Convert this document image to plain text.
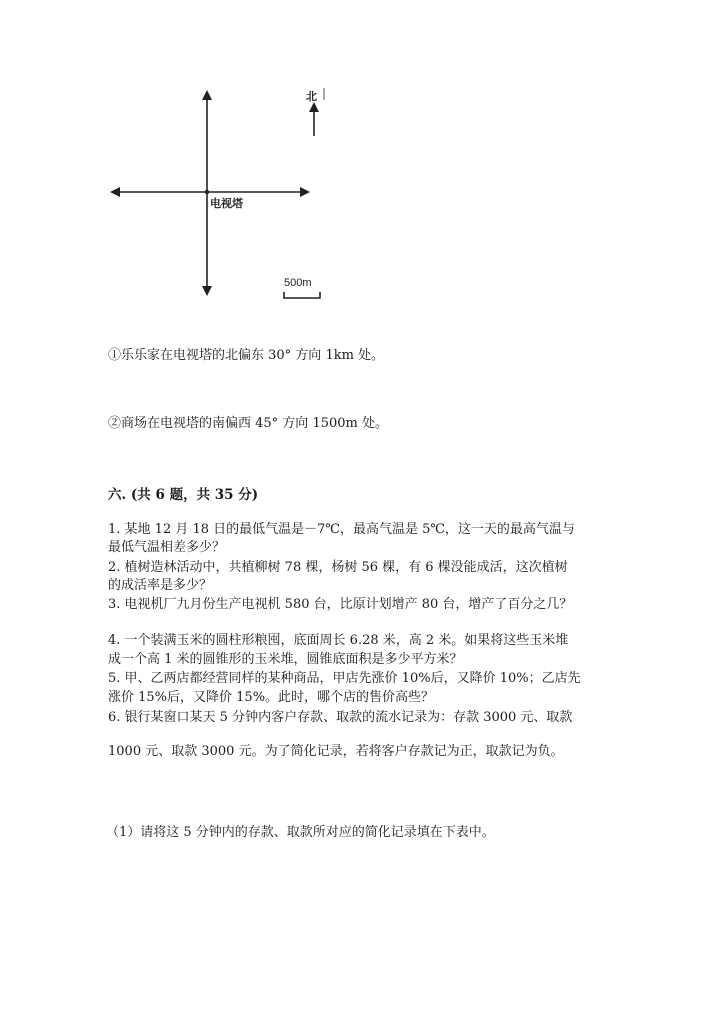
北
电视塔
500m
①乐乐家在电视塔的北偏东 30° 方向 1km 处。
②商场在电视塔的南偏西 45° 方向 1500m 处。
六. (共 6 题，共 35 分)
1. 某地 12 月 18 日的最低气温是－7℃，最高气温是 5℃，这一天的最高气温与
最低气温相差多少？
2. 植树造林活动中，共植柳树 78 棵，杨树 56 棵，有 6 棵没能成活，这次植树
的成活率是多少？
3. 电视机厂九月份生产电视机 580 台，比原计划增产 80 台，增产了百分之几？
4. 一个装满玉米的圆柱形粮囤，底面周长 6.28 米，高 2 米。如果将这些玉米堆
成一个高 1 米的圆锥形的玉米堆，圆锥底面积是多少平方米？
5. 甲、乙两店都经营同样的某种商品，甲店先涨价 10%后，又降价 10%；乙店先
涨价 15%后，又降价 15%。此时，哪个店的售价高些？
6. 银行某窗口某天 5 分钟内客户存款、取款的流水记录为：存款 3000 元、取款
1000 元、取款 3000 元。为了简化记录，若将客户存款记为正，取款记为负。
（1）请将这 5 分钟内的存款、取款所对应的简化记录填在下表中。
